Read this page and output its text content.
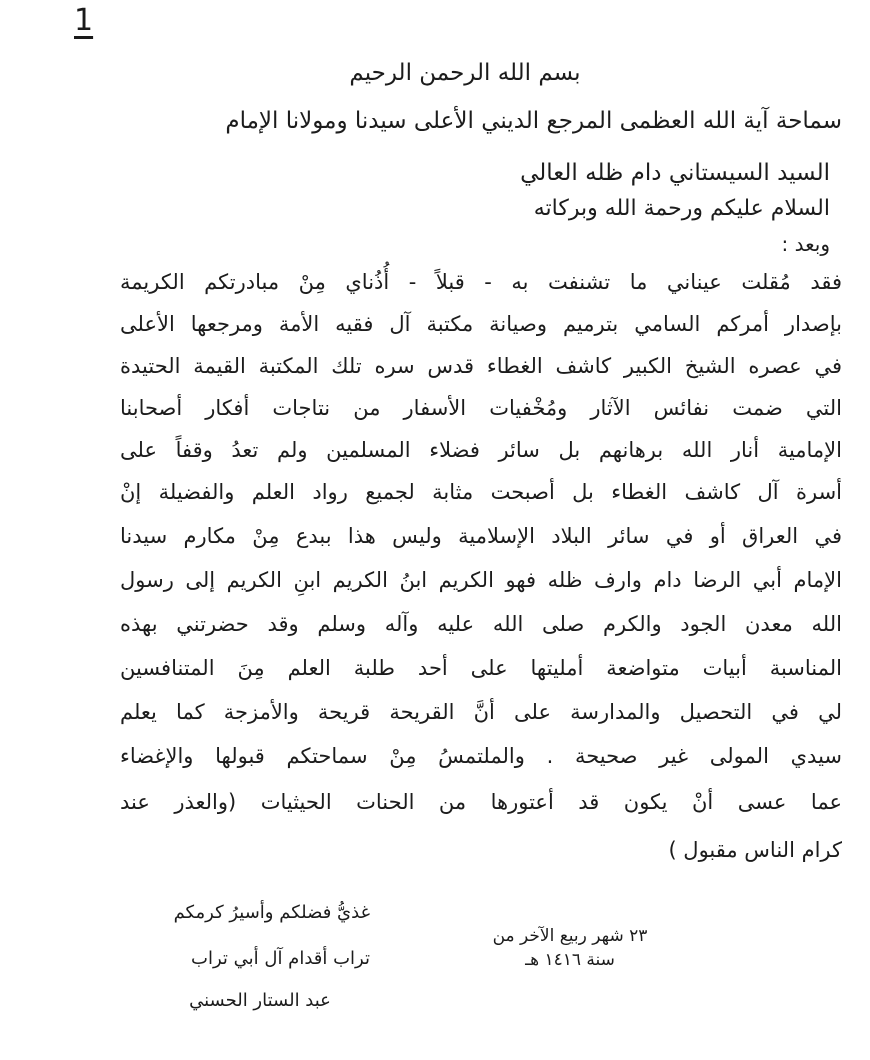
1
بسم الله الرحمن الرحيم
سماحة آية الله العظمى المرجع الديني الأعلى سيدنا ومولانا الإمام
السيد السيستاني دام ظله العالي
السلام عليكم ورحمة الله وبركاته
وبعد :
فقد مُقلت عيناني ما تشنفت به - قبلاً - أُذُناي مِنْ مبادرتكم الكريمة
بإصدار أمركم السامي بترميم وصيانة مكتبة آل فقيه الأمة ومرجعها الأعلى
في عصره الشيخ الكبير كاشف الغطاء قدس سره تلك المكتبة القيمة الحتيدة
التي ضمت نفائس الآثار ومُخْفيات الأسفار من نتاجات أفكار أصحابنا
الإمامية أنار الله برهانهم بل سائر فضلاء المسلمين ولم تعدُ وقفاً على
أسرة آل كاشف الغطاء بل أصبحت مثابة لجميع رواد العلم والفضيلة إنْ
في العراق أو في سائر البلاد الإسلامية وليس هذا ببدع مِنْ مكارم سيدنا
الإمام أبي الرضا دام وارف ظله فهو الكريم ابنُ الكريم ابنِ الكريم إلى رسول
الله معدن الجود والكرم صلى الله عليه وآله وسلم وقد حضرتني بهذه
المناسبة أبيات متواضعة أمليتها على أحد طلبة العلم مِنَ المتنافسين
لي في التحصيل والمدارسة على أنَّ القريحة قريحة والأمزجة كما يعلم
سيدي المولى غير صحيحة . والملتمسُ مِنْ سماحتكم قبولها والإغضاء
عما عسى أنْ يكون قد أعتورها من الحنات الحيثيات (والعذر عند
كرام الناس مقبول )
غذيُّ فضلكم وأسيرُ كرمكم
تراب أقدام آل أبي تراب
عبد الستار الحسني
٢٣ شهر ربيع الآخر من
سنة ١٤١٦ هـ
